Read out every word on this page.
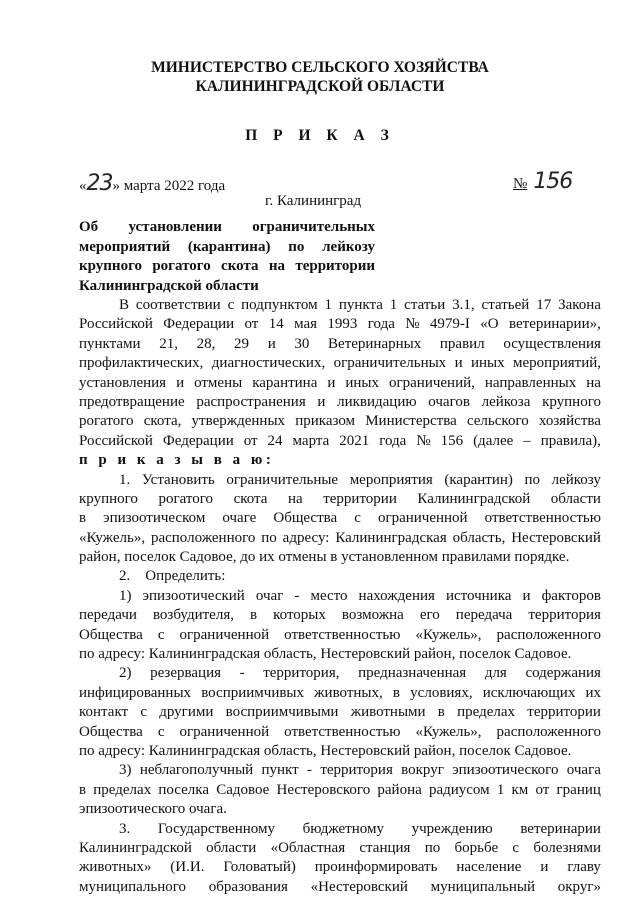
МИНИСТЕРСТВО СЕЛЬСКОГО ХОЗЯЙСТВА
КАЛИНИНГРАДСКОЙ ОБЛАСТИ
П Р И К А З
«23» марта 2022 года	№ 156
г. Калининград
Об установлении ограничительных
мероприятий (карантина) по лейкозу
крупного рогатого скота на территории
Калининградской области
В соответствии с подпунктом 1 пункта 1 статьи 3.1, статьей 17 Закона
Российской Федерации от 14 мая 1993 года № 4979-I «О ветеринарии»,
пунктами 21, 28, 29 и 30 Ветеринарных правил осуществления
профилактических, диагностических, ограничительных и иных мероприятий,
установления и отмены карантина и иных ограничений, направленных на
предотвращение распространения и ликвидацию очагов лейкоза крупного
рогатого скота, утвержденных приказом Министерства сельского хозяйства
Российской Федерации от 24 марта 2021 года № 156 (далее – правила),
п р и к а з ы в а ю:
1. Установить ограничительные мероприятия (карантин) по лейкозу
крупного рогатого скота на территории Калининградской области
в эпизоотическом очаге Общества с ограниченной ответственностью
«Кужель», расположенного по адресу: Калининградская область, Нестеровский
район, поселок Садовое, до их отмены в установленном правилами порядке.
2.    Определить:
1) эпизоотический очаг - место нахождения источника и факторов
передачи возбудителя, в которых возможна его передача территория
Общества с ограниченной ответственностью «Кужель», расположенного
по адресу: Калининградская область, Нестеровский район, поселок Садовое.
2) резервация - территория, предназначенная для содержания
инфицированных восприимчивых животных, в условиях, исключающих их
контакт с другими восприимчивыми животными в пределах территории
Общества с ограниченной ответственностью «Кужель», расположенного
по адресу: Калининградская область, Нестеровский район, поселок Садовое.
3) неблагополучный пункт - территория вокруг эпизоотического очага
в пределах поселка Садовое Нестеровского района радиусом 1 км от границ
эпизоотического очага.
3. Государственному бюджетному учреждению ветеринарии
Калининградской области «Областная станция по борьбе с болезнями
животных» (И.И. Головатый) проинформировать население и главу
муниципального образования «Нестеровский муниципальный округ»
